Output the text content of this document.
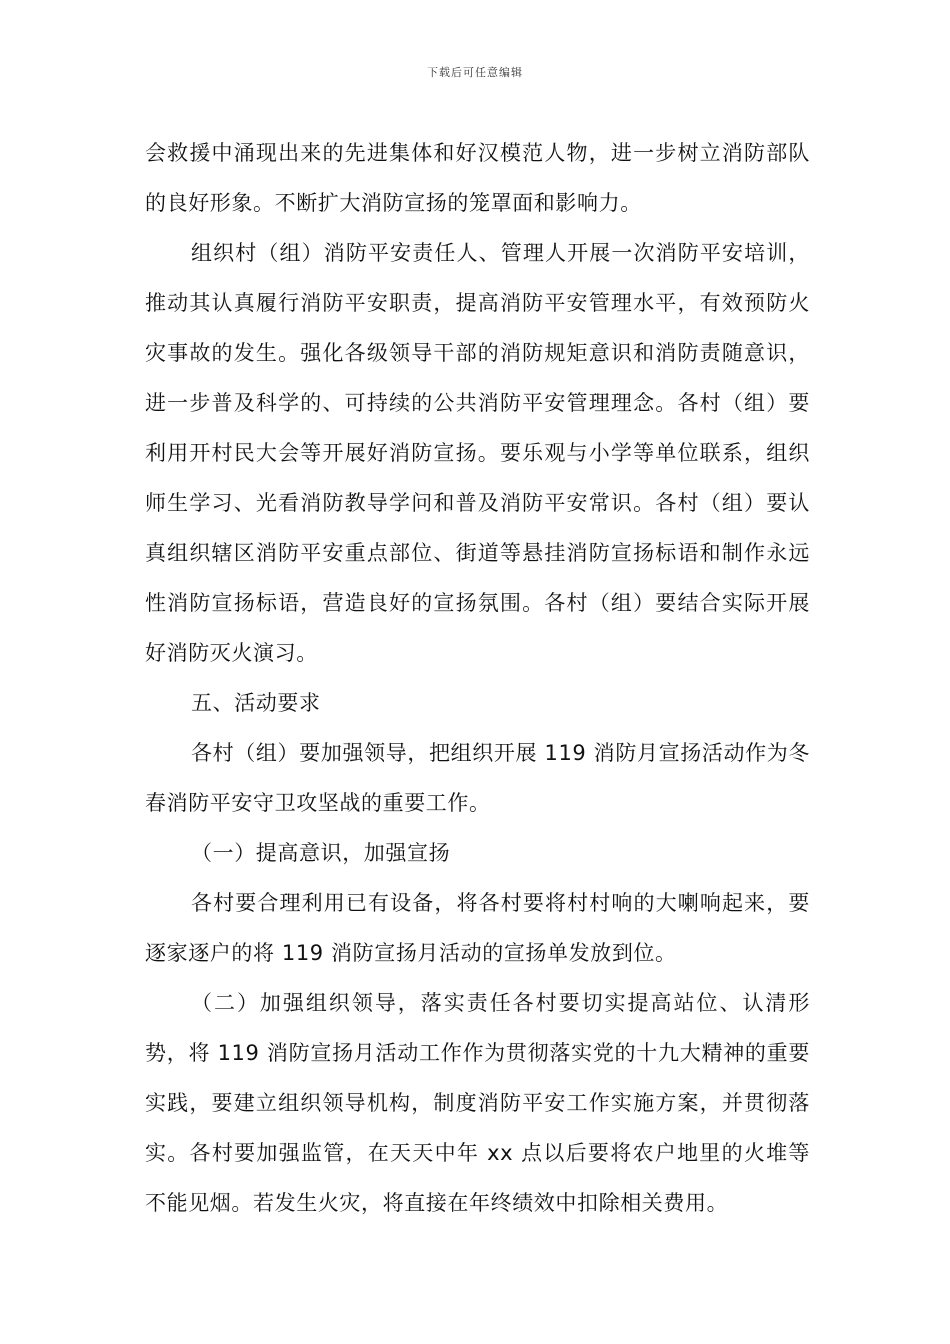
下载后可任意编辑

会救援中涌现出来的先进集体和好汉模范人物，进一步树立消防部队的良好形象。不断扩大消防宣扬的笼罩面和影响力。

组织村（组）消防平安责任人、管理人开展一次消防平安培训，推动其认真履行消防平安职责，提高消防平安管理水平，有效预防火灾事故的发生。强化各级领导干部的消防规矩意识和消防责随意识，进一步普及科学的、可持续的公共消防平安管理理念。各村（组）要利用开村民大会等开展好消防宣扬。要乐观与小学等单位联系，组织师生学习、光看消防教导学问和普及消防平安常识。各村（组）要认真组织辖区消防平安重点部位、街道等悬挂消防宣扬标语和制作永远性消防宣扬标语，营造良好的宣扬氛围。各村（组）要结合实际开展好消防灭火演习。

五、活动要求

各村（组）要加强领导，把组织开展 119 消防月宣扬活动作为冬春消防平安守卫攻坚战的重要工作。

（一）提高意识，加强宣扬

各村要合理利用已有设备，将各村要将村村响的大喇响起来，要逐家逐户的将 119 消防宣扬月活动的宣扬单发放到位。

（二）加强组织领导，落实责任各村要切实提高站位、认清形势，将 119 消防宣扬月活动工作作为贯彻落实党的十九大精神的重要实践，要建立组织领导机构，制度消防平安工作实施方案，并贯彻落实。各村要加强监管，在天天中年 xx 点以后要将农户地里的火堆等不能见烟。若发生火灾，将直接在年终绩效中扣除相关费用。
